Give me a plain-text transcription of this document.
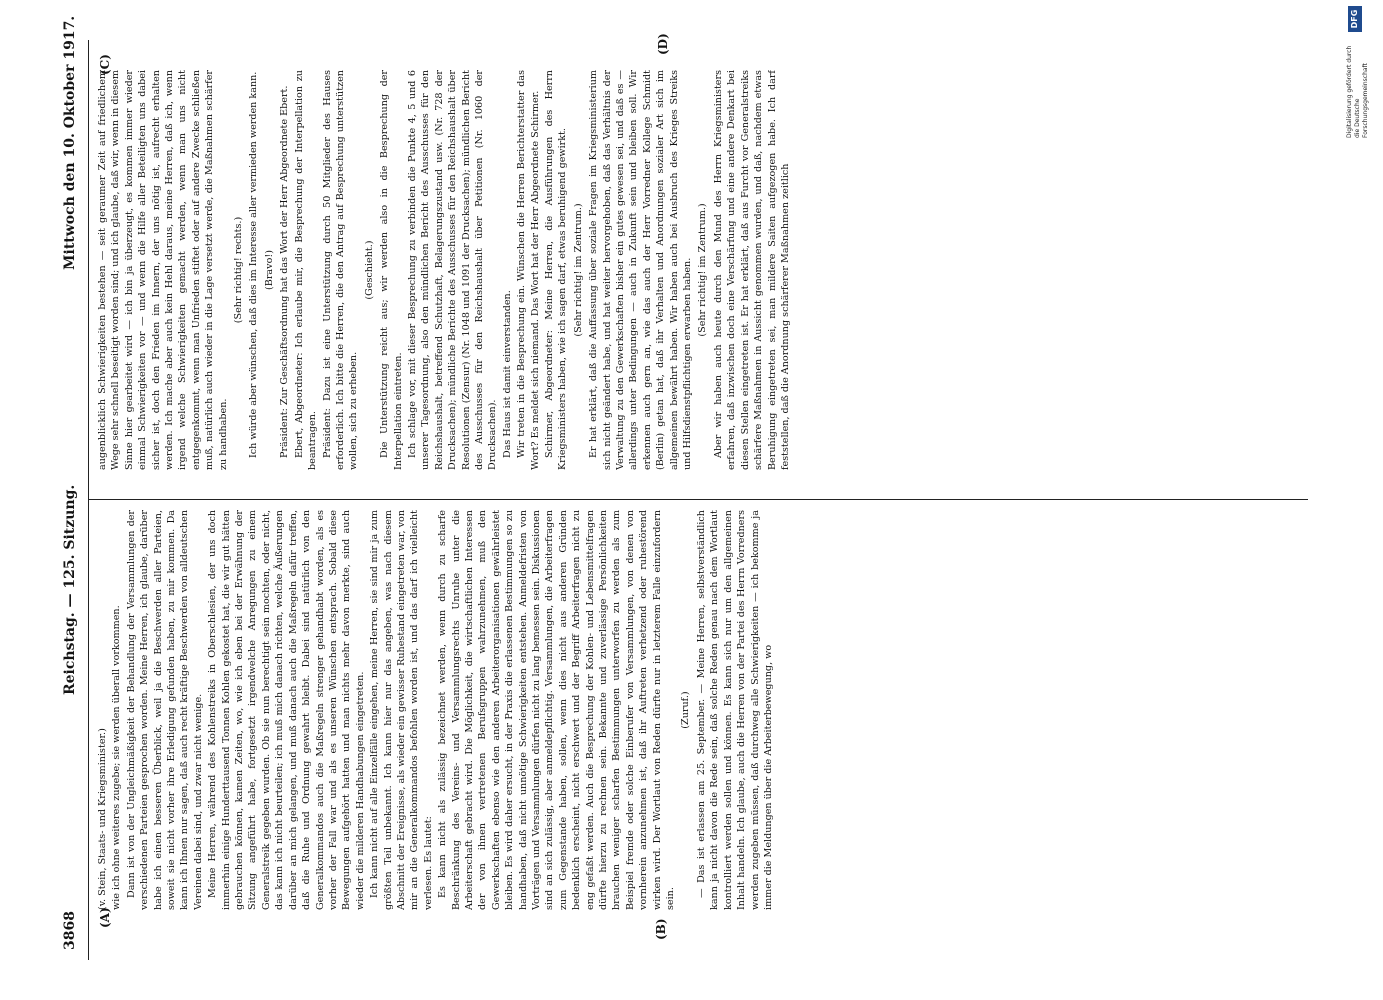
3868
Reichstag. — 125. Sitzung.
Mittwoch den 10. Oktober 1917.
(A)
(B)
(C)
(D)

(v. Stein, Staats- und Kriegsminister.) wie ich ohne weiteres zugebe; sie werden überall vorkommen. Dann ist von der Ungleichmäßigkeit der Behandlung der Versammlungen der verschiedenen Parteien gesprochen worden. Meine Herren, ich glaube, darüber habe ich einen besseren Überblick, weil ja die Beschwerden aller Parteien, soweit sie nicht vorher ihre Erledigung gefunden haben, zu mir kommen. Da kann ich Ihnen nur sagen, daß auch recht kräftige Beschwerden von alldeutschen Vereinen dabei sind, und zwar nicht wenige. Meine Herren, während des Kohlenstreiks in Oberschlesien, der uns doch immerhin einige Hunderttausend Tonnen Kohlen gekostet hat, die wir gut hätten gebrauchen können, kamen Zeiten, wo, wie ich eben bei der Erwähnung der Sitzung angeführt habe, fortgesetzt irgendwelche Anregungen zu einem Generalstreik gegeben wurden. Ob sie nun berechtigt sein mochten, oder nicht, das kann ich nicht beurteilen; ich muß mich danach richten, welche Äußerungen darüber an mich gelangen, und muß danach auch die Maßregeln dafür treffen, daß die Ruhe und Ordnung gewahrt bleibt. Dabei sind natürlich von den Generalkommandos auch die Maßregeln strenger gehandhabt worden, als es vorher der Fall war und als es unseren Wünschen entsprach. Sobald diese Bewegungen aufgehört hatten und man nichts mehr davon merkte, sind auch wieder die milderen Handhabungen eingetreten. Ich kann nicht auf alle Einzelfälle eingehen, meine Herren, sie sind mir ja zum größten Teil unbekannt. Ich kann hier nur das angeben, was nach diesem Abschnitt der Ereignisse, als wieder ein gewisser Ruhestand eingetreten war, von mir an die Generalkommandos befohlen worden ist, und das darf ich vielleicht verlesen. Es lautet: Es kann nicht als zulässig bezeichnet werden, wenn durch zu scharfe Beschränkung des Vereins- und Versammlungsrechts Unruhe unter die Arbeiterschaft gebracht wird. Die Möglichkeit, die wirtschaftlichen Interessen der von ihnen vertretenen Berufsgruppen wahrzunehmen, muß den Gewerkschaften ebenso wie den anderen Arbeiterorganisationen gewährleistet bleiben. Es wird daher ersucht, in der Praxis die erlassenen Bestimmungen so zu handhaben, daß nicht unnötige Schwierigkeiten entstehen. Anmeldefristen von Vorträgen und Versammlungen dürfen nicht zu lang bemessen sein. Diskussionen sind an sich zulässig, aber anmeldepflichtig. Versammlungen, die Arbeiterfragen zum Gegenstande haben, sollen, wenn dies nicht aus anderen Gründen bedenklich erscheint, nicht erschwert und der Begriff Arbeiterfragen nicht zu eng gefaßt werden. Auch die Besprechung der Kohlen- und Lebensmittelfragen dürfte hierzu zu rechnen sein. Bekannte und zuverlässige Persönlichkeiten brauchen weniger scharfen Bestimmungen unterworfen zu werden als zum Beispiel fremde oder solche Einberufer von Versammlungen, von denen von vornherein anzunehmen ist, daß ihr Auftreten verhetzend oder ruhestörend wirken wird. Der Wortlaut von Reden dürfte nur in letzterem Falle einzufordern sein.

(Zuruf.) — Das ist erlassen am 25. September. — Meine Herren, selbstverständlich kann ja nicht davon die Rede sein, daß solche Reden genau nach dem Wortlaut kontrolliert werden sollen und können. Es kann sich nur um den allgemeinen Inhalt handeln. Ich glaube, auch die Herren von der Partei des Herrn Vorredners werden zugeben müssen, daß durchweg alle Schwierigkeiten — ich bekomme ja immer die Meldungen über die Arbeiterbewegung, wo

augenblicklich Schwierigkeiten bestehen — seit geraumer Zeit auf friedlichem Wege sehr schnell beseitigt worden sind; und ich glaube, daß wir, wenn in diesem Sinne hier gearbeitet wird — ich bin ja überzeugt, es kommen immer wieder einmal Schwierigkeiten vor — und wenn die Hilfe aller Beteiligten uns dabei sicher ist, doch den Frieden im Innern, der uns nötig ist, aufrecht erhalten werden. Ich mache aber auch kein Hehl daraus, meine Herren, daß ich, wenn irgend welche Schwierigkeiten gemacht werden, wenn man uns nicht entgegenkommt, wenn man Unfrieden stiftet oder auf andere Zwecke schließen muß, natürlich auch wieder in die Lage versetzt werde, die Maßnahmen schärfer zu handhaben.

(Sehr richtig! rechts.) Ich würde aber wünschen, daß dies im Interesse aller vermieden werden kann. (Bravo!) Präsident: Zur Geschäftsordnung hat das Wort der Herr Abgeordnete Ebert. Ebert, Abgeordneter: Ich erlaube mir, die Besprechung der Interpellation zu beantragen. Präsident: Dazu ist eine Unterstützung durch 50 Mitglieder des Hauses erforderlich. Ich bitte die Herren, die den Antrag auf Besprechung unterstützen wollen, sich zu erheben.

(Geschieht.) Die Unterstützung reicht aus; wir werden also in die Besprechung der Interpellation eintreten. Ich schlage vor, mit dieser Besprechung zu verbinden die Punkte 4, 5 und 6 unserer Tagesordnung, also den mündlichen Bericht des Ausschusses für den Reichshaushalt, betreffend Schutzhaft, Belagerungszustand usw. (Nr. 728 der Drucksachen); mündliche Berichte des Ausschusses für den Reichshaushalt über Resolutionen (Zensur) (Nr. 1048 und 1091 der Drucksachen); mündlichen Bericht des Ausschusses für den Reichshaushalt über Petitionen (Nr. 1060 der Drucksachen). Das Haus ist damit einverstanden. Wir treten in die Besprechung ein. Wünschen die Herren Berichterstatter das Wort? Es meldet sich niemand. Das Wort hat der Herr Abgeordnete Schirmer. Schirmer, Abgeordneter: Meine Herren, die Ausführungen des Herrn Kriegsministers haben, wie ich sagen darf, etwas beruhigend gewirkt. (Sehr richtig! im Zentrum.) Er hat erklärt, daß die Auffassung über soziale Fragen im Kriegsministerium sich nicht geändert habe, und hat weiter hervorgehoben, daß das Verhältnis der Verwaltung zu den Gewerkschaften bisher ein gutes gewesen sei, und daß es — allerdings unter Bedingungen — auch in Zukunft sein und bleiben soll. Wir erkennen auch gern an, wie das auch der Herr Vorredner Kollege Schmidt (Berlin) getan hat, daß ihr Verhalten und Anordnungen sozialer Art sich im allgemeinen bewährt haben. Wir haben auch bei Ausbruch des Krieges Streiks und Hilfsdienstpflichtigen erwarben haben. (Sehr richtig! im Zentrum.) Aber wir haben auch heute durch den Mund des Herrn Kriegsministers erfahren, daß inzwischen doch eine Verschärfung und eine andere Denkart bei diesen Stellen eingetreten ist. Er hat erklärt, daß aus Furcht vor Generalstreiks schärfere Maßnahmen in Aussicht genommen wurden, und daß, nachdem etwas Beruhigung eingetreten sei, man mildere Saiten aufgezogen habe. Ich darf feststellen, daß die Anordnung schärferer Maßnahmen zeitlich

Digitalisierung gefördert durch die Deutsche Forschungsgemeinschaft
DFG
